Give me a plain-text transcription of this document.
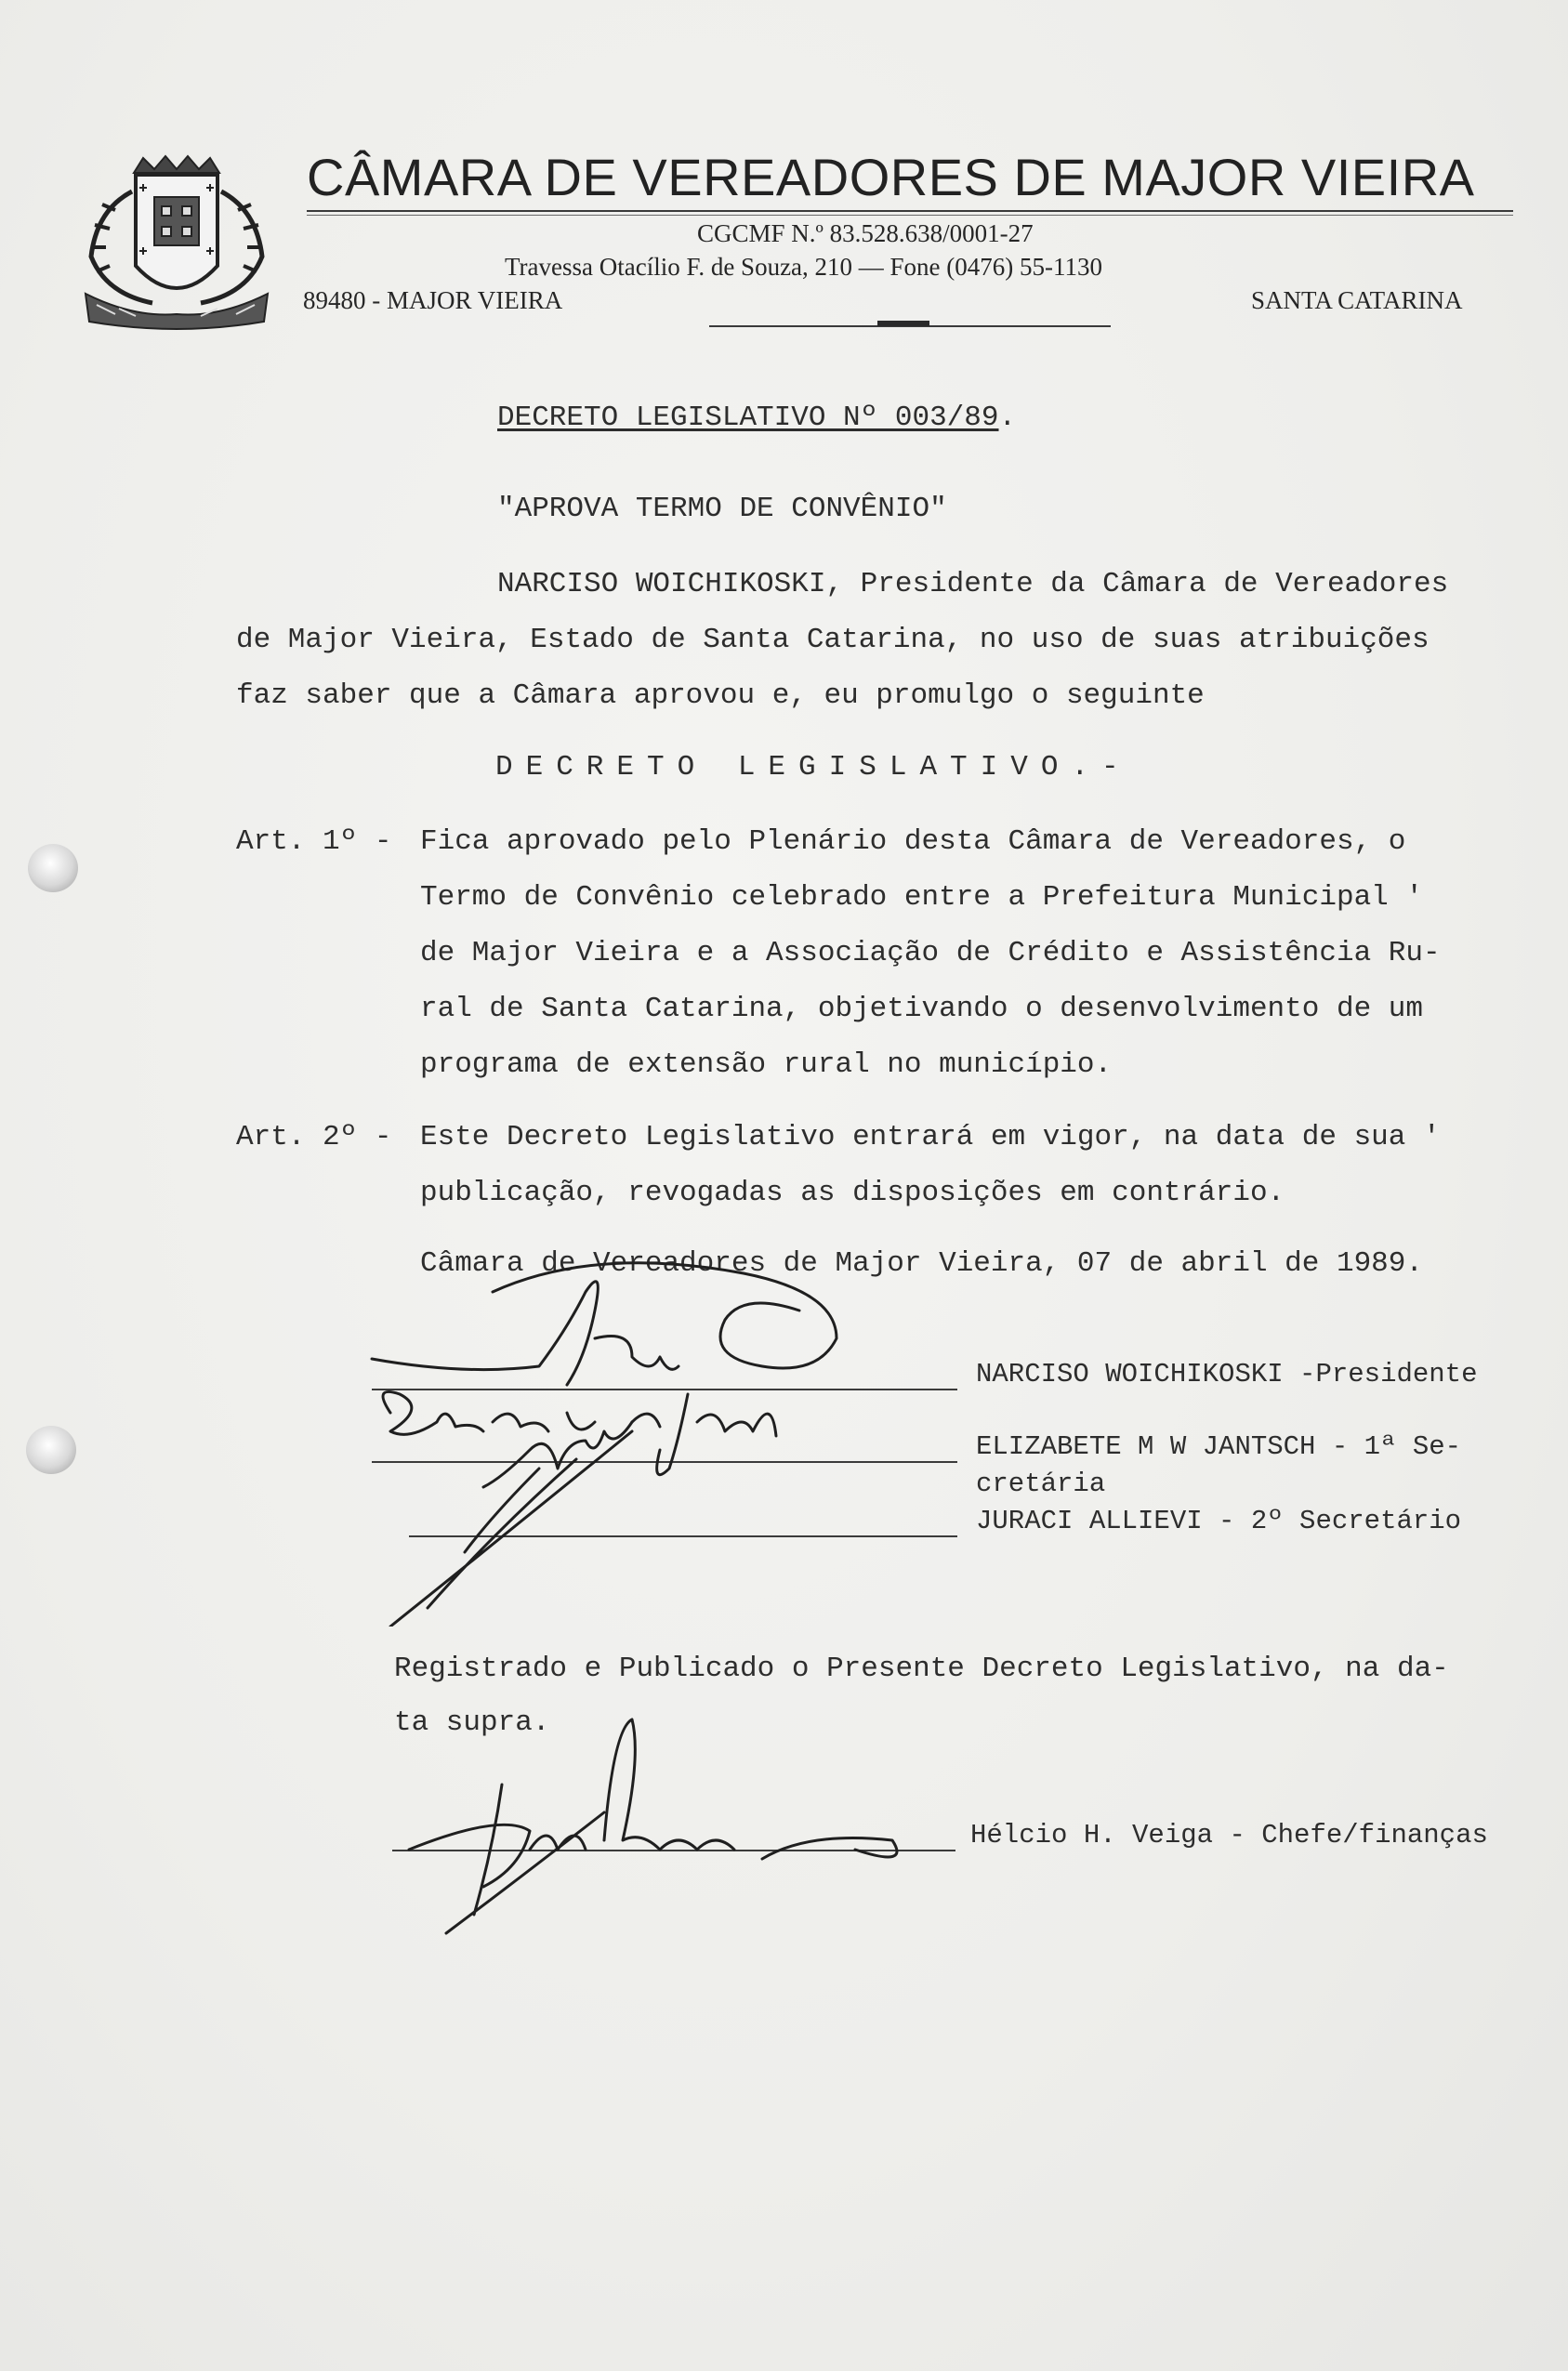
CÂMARA DE VEREADORES DE MAJOR VIEIRA
CGCMF N.º 83.528.638/0001-27
Travessa Otacílio F. de Souza, 210 — Fone (0476) 55-1130
89480 - MAJOR VIEIRA	SANTA CATARINA
DECRETO LEGISLATIVO Nº 003/89.
"APROVA TERMO DE CONVÊNIO"
NARCISO WOICHIKOSKI, Presidente da Câmara de Vereadores
de Major Vieira, Estado de Santa Catarina, no uso de suas atribuições
faz saber que a Câmara aprovou e, eu promulgo o seguinte
DECRETO LEGISLATIVO.-
Art. 1º - Fica aprovado pelo Plenário desta Câmara de Vereadores, o
Termo de Convênio celebrado entre a Prefeitura Municipal '
de Major Vieira e a Associação de Crédito e Assistência Ru-
ral de Santa Catarina, objetivando o desenvolvimento de um
programa de extensão rural no município.
Art. 2º - Este Decreto Legislativo entrará em vigor, na data de sua '
publicação, revogadas as disposições em contrário.
Câmara de Vereadores de Major Vieira, 07 de abril de 1989.
NARCISO WOICHIKOSKI -Presidente
ELIZABETE M W JANTSCH - 1ª Se-
cretária
JURACI ALLIEVI - 2º Secretário
Registrado e Publicado o Presente Decreto Legislativo, na da-
ta supra.
Hélcio H. Veiga - Chefe/finanças
